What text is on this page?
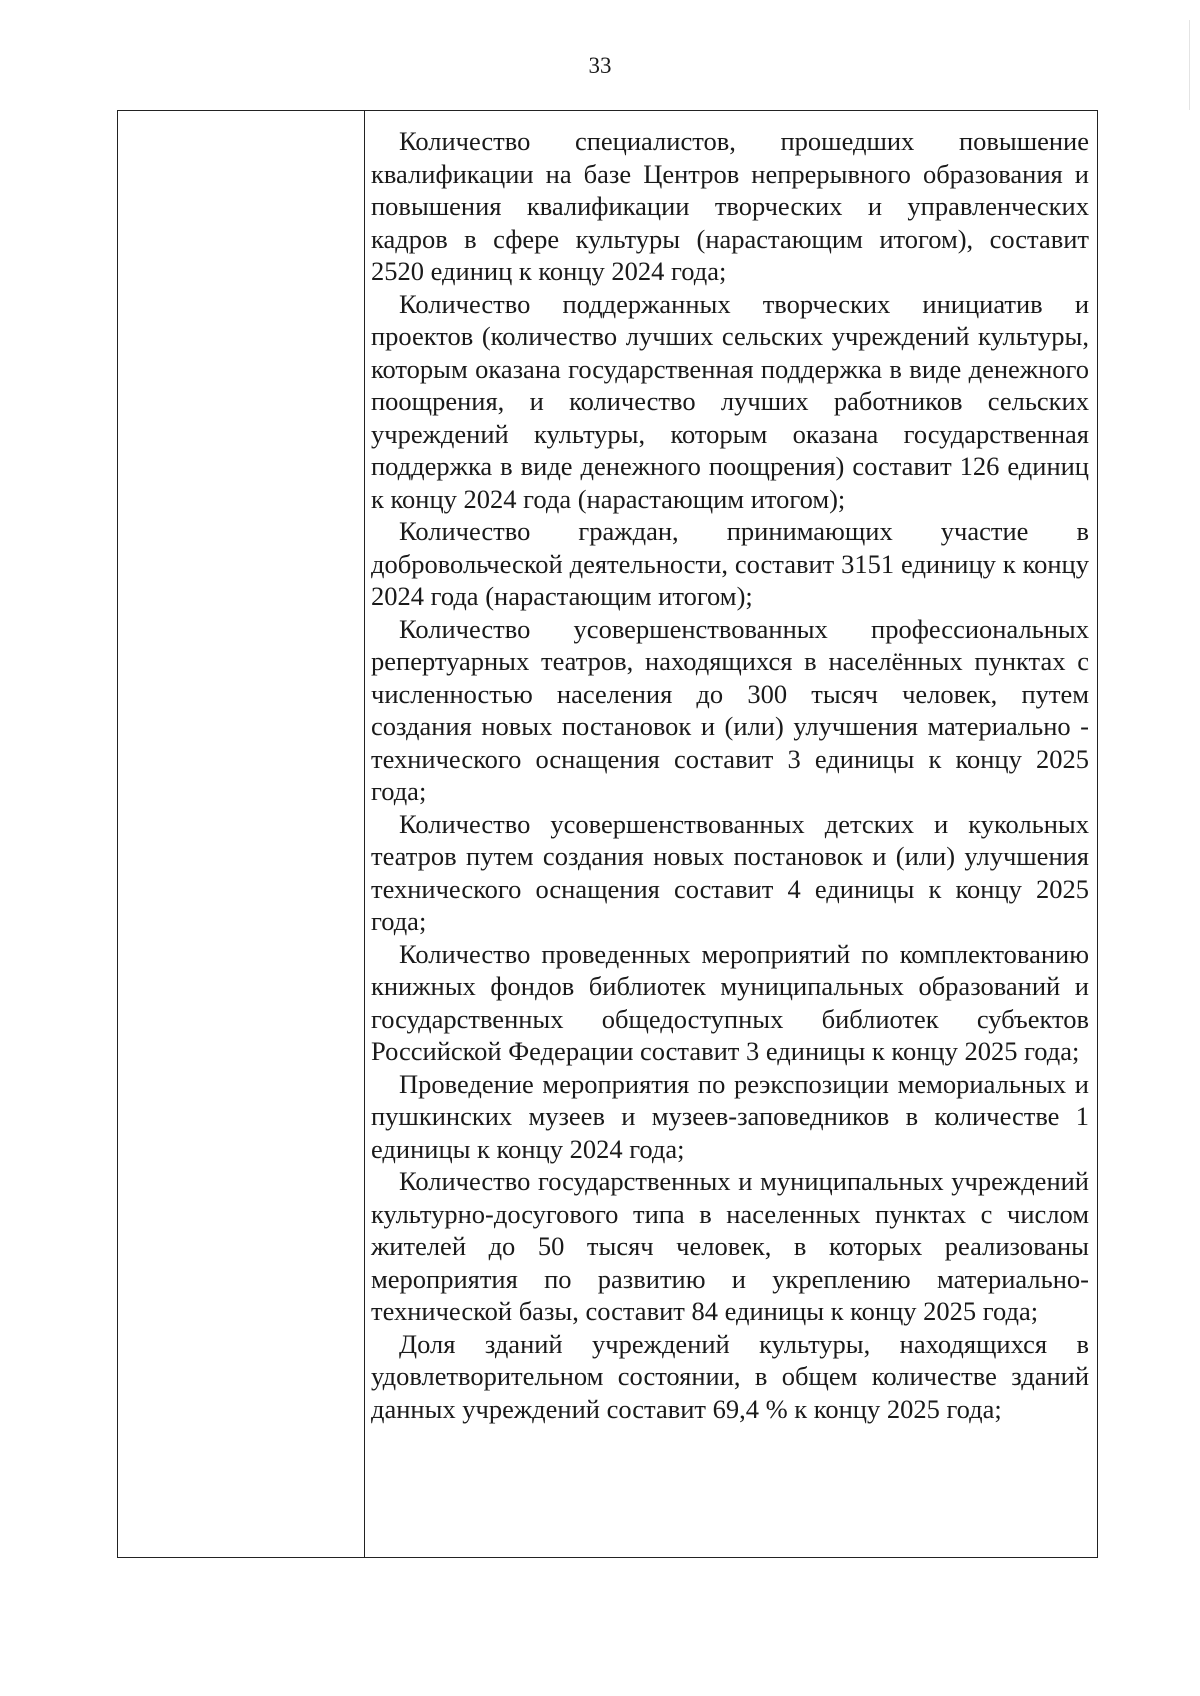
33

Количество специалистов, прошедших повышение квалификации на базе Центров непрерывного образования и повышения квалификации творческих и управленческих кадров в сфере культуры (нарастающим итогом), составит 2520 единиц к концу 2024 года;

Количество поддержанных творческих инициатив и проектов (количество лучших сельских учреждений культуры, которым оказана государственная поддержка в виде денежного поощрения, и количество лучших работников сельских учреждений культуры, которым оказана государственная поддержка в виде денежного поощрения) составит 126 единиц к концу 2024 года (нарастающим итогом);

Количество граждан, принимающих участие в добровольческой деятельности, составит 3151 единицу к концу 2024 года (нарастающим итогом);

Количество усовершенствованных профессиональных репертуарных театров, находящихся в населённых пунктах с численностью населения до 300 тысяч человек, путем создания новых постановок и (или) улучшения материально - технического оснащения составит 3 единицы к концу 2025 года;

Количество усовершенствованных детских и кукольных театров путем создания новых постановок и (или) улучшения технического оснащения составит 4 единицы к концу 2025 года;

Количество проведенных мероприятий по комплектованию книжных фондов библиотек муниципальных образований и государственных общедоступных библиотек субъектов Российской Федерации составит 3 единицы к концу 2025 года;

Проведение мероприятия по реэкспозиции мемориальных и пушкинских музеев и музеев-заповедников в количестве 1 единицы к концу 2024 года;

Количество государственных и муниципальных учреждений культурно-досугового типа в населенных пунктах с числом жителей до 50 тысяч человек, в которых реализованы мероприятия по развитию и укреплению материально-технической базы, составит 84 единицы к концу 2025 года;

Доля зданий учреждений культуры, находящихся в удовлетворительном состоянии, в общем количестве зданий данных учреждений составит 69,4 % к концу 2025 года;
